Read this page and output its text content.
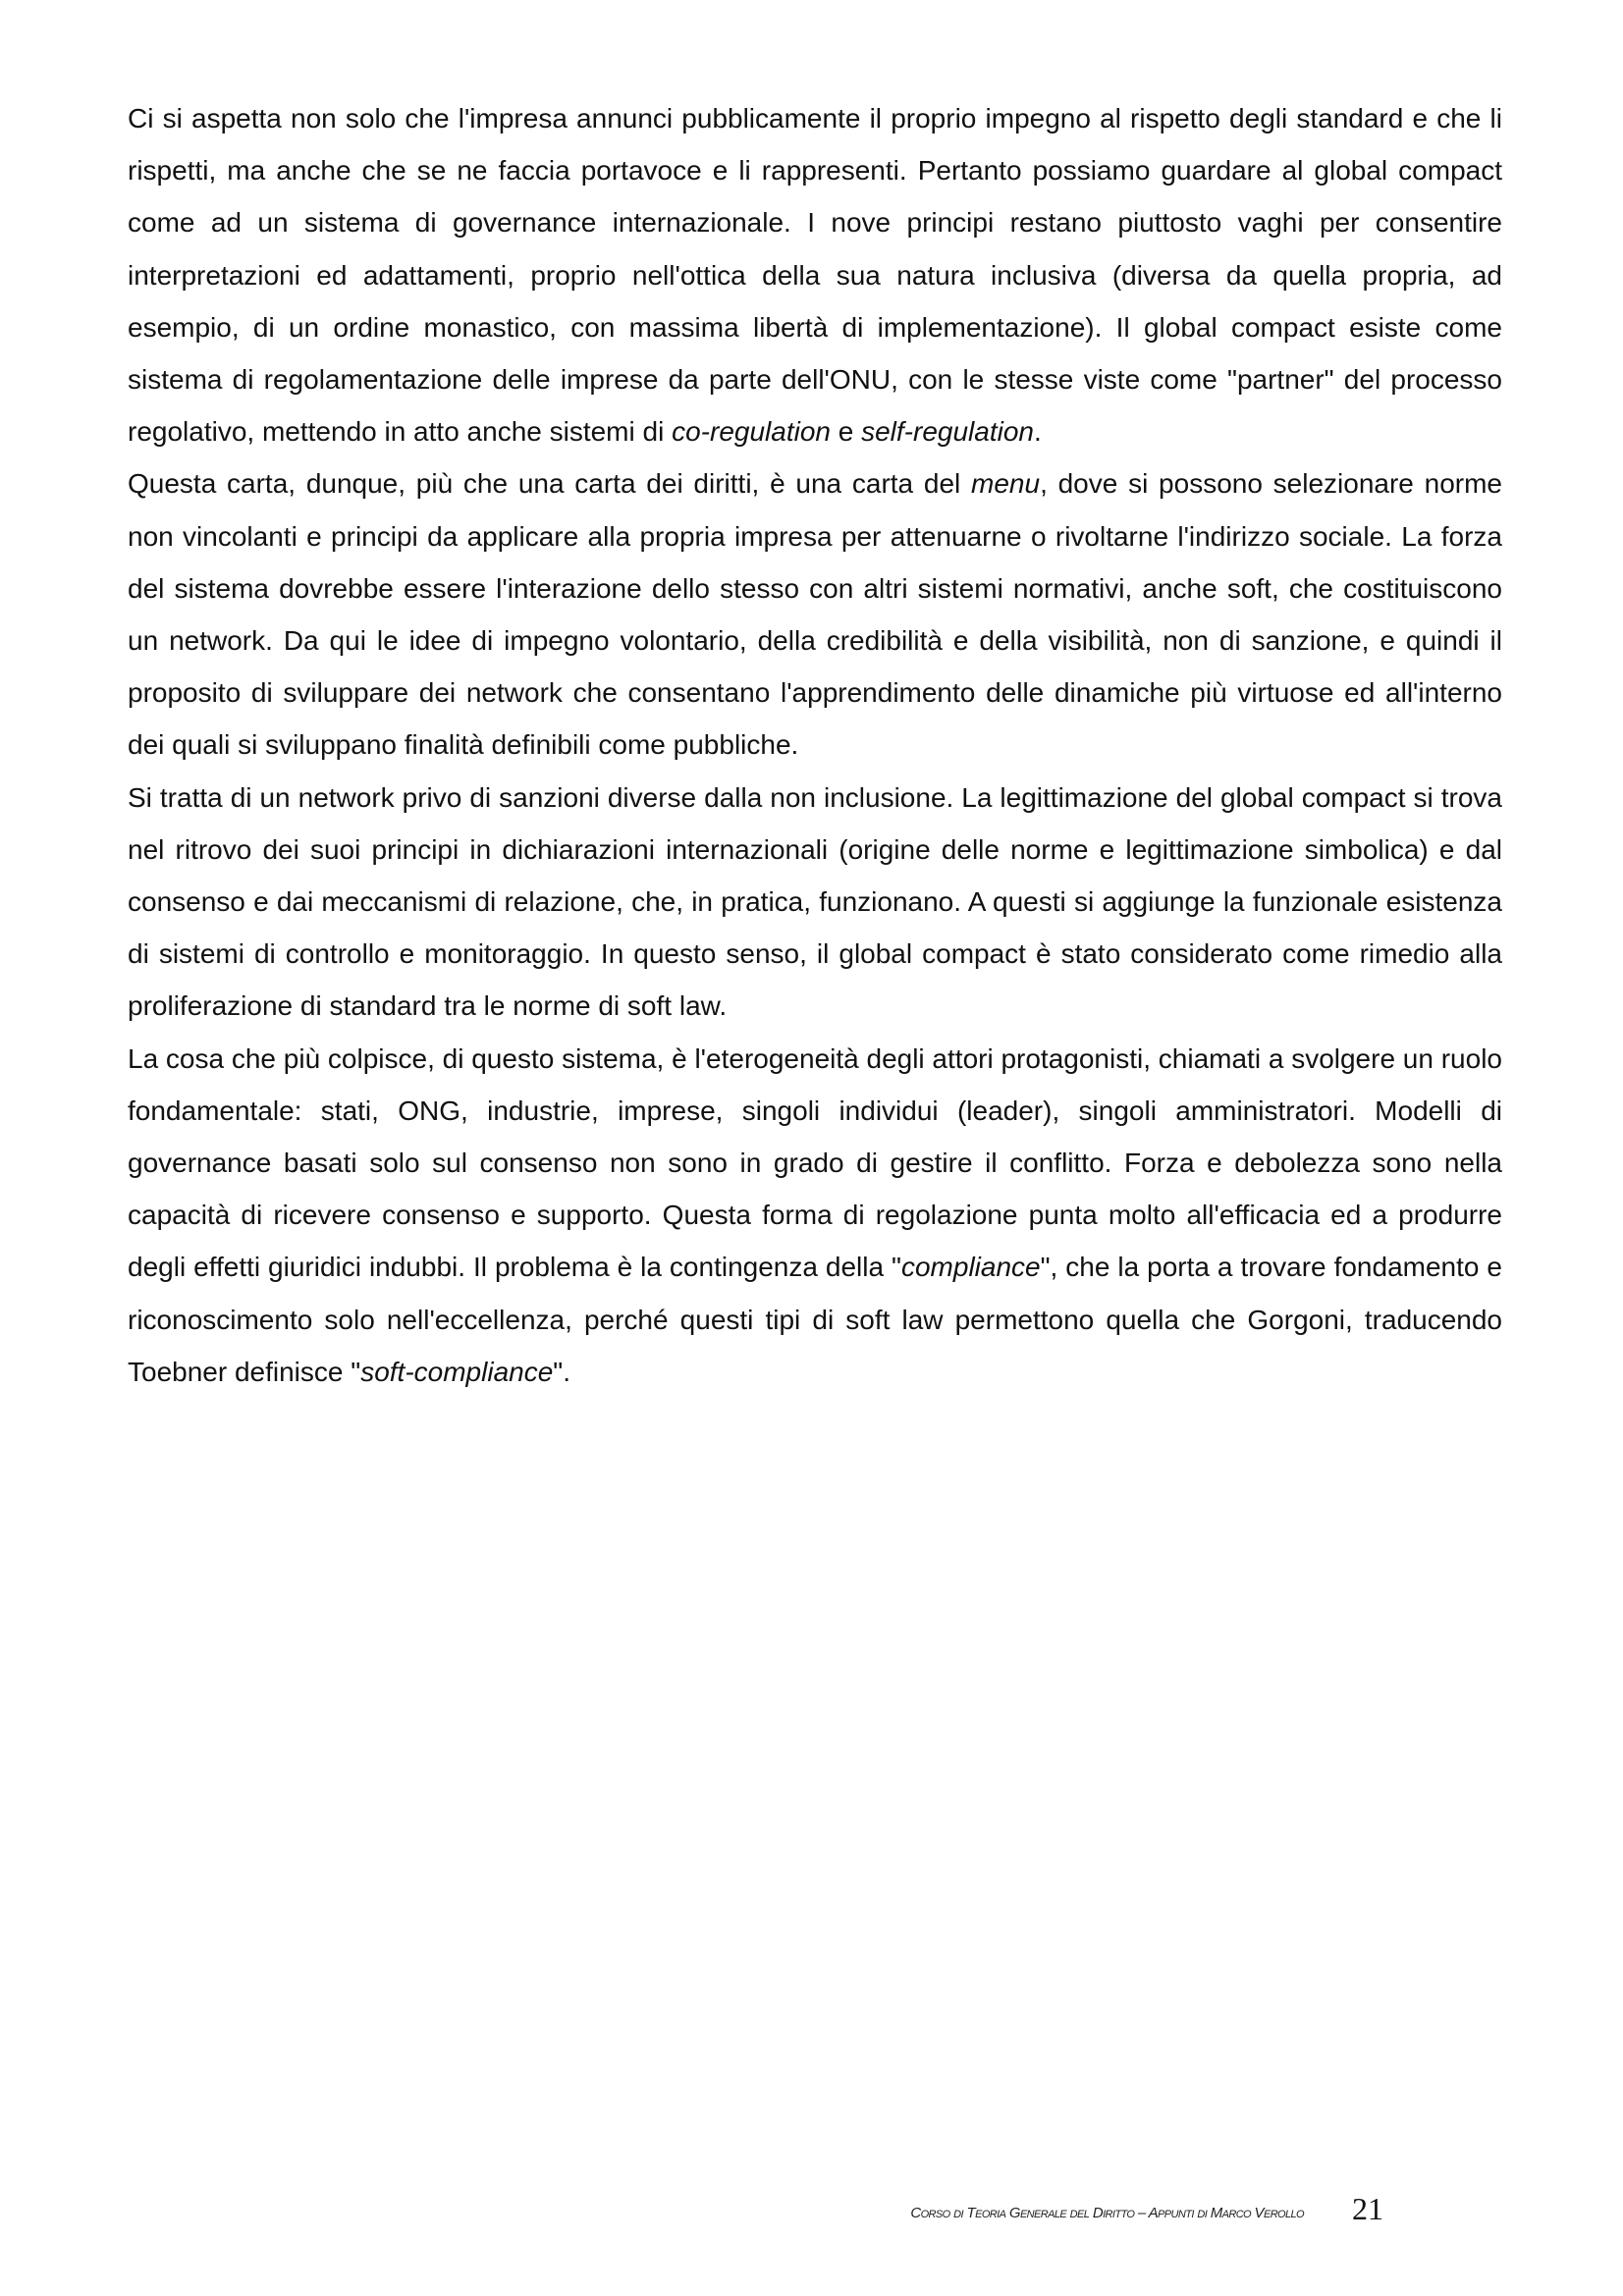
Ci si aspetta non solo che l'impresa annunci pubblicamente il proprio impegno al rispetto degli standard e che li rispetti, ma anche che se ne faccia portavoce e li rappresenti. Pertanto possiamo guardare al global compact come ad un sistema di governance internazionale. I nove principi restano piuttosto vaghi per consentire interpretazioni ed adattamenti, proprio nell'ottica della sua natura inclusiva (diversa da quella propria, ad esempio, di un ordine monastico, con massima libertà di implementazione). Il global compact esiste come sistema di regolamentazione delle imprese da parte dell'ONU, con le stesse viste come "partner" del processo regolativo, mettendo in atto anche sistemi di co-regulation e self-regulation.

Questa carta, dunque, più che una carta dei diritti, è una carta del menu, dove si possono selezionare norme non vincolanti e principi da applicare alla propria impresa per attenuarne o rivoltarne l'indirizzo sociale. La forza del sistema dovrebbe essere l'interazione dello stesso con altri sistemi normativi, anche soft, che costituiscono un network. Da qui le idee di impegno volontario, della credibilità e della visibilità, non di sanzione, e quindi il proposito di sviluppare dei network che consentano l'apprendimento delle dinamiche più virtuose ed all'interno dei quali si sviluppano finalità definibili come pubbliche.

Si tratta di un network privo di sanzioni diverse dalla non inclusione. La legittimazione del global compact si trova nel ritrovo dei suoi principi in dichiarazioni internazionali (origine delle norme e legittimazione simbolica) e dal consenso e dai meccanismi di relazione, che, in pratica, funzionano. A questi si aggiunge la funzionale esistenza di sistemi di controllo e monitoraggio. In questo senso, il global compact è stato considerato come rimedio alla proliferazione di standard tra le norme di soft law.

La cosa che più colpisce, di questo sistema, è l'eterogeneità degli attori protagonisti, chiamati a svolgere un ruolo fondamentale: stati, ONG, industrie, imprese, singoli individui (leader), singoli amministratori. Modelli di governance basati solo sul consenso non sono in grado di gestire il conflitto. Forza e debolezza sono nella capacità di ricevere consenso e supporto. Questa forma di regolazione punta molto all'efficacia ed a produrre degli effetti giuridici indubbi. Il problema è la contingenza della "compliance", che la porta a trovare fondamento e riconoscimento solo nell'eccellenza, perché questi tipi di soft law permettono quella che Gorgoni, traducendo Toebner definisce "soft-compliance".

Corso di Teoria Generale del Diritto – Appunti di Marco Verollo 21
